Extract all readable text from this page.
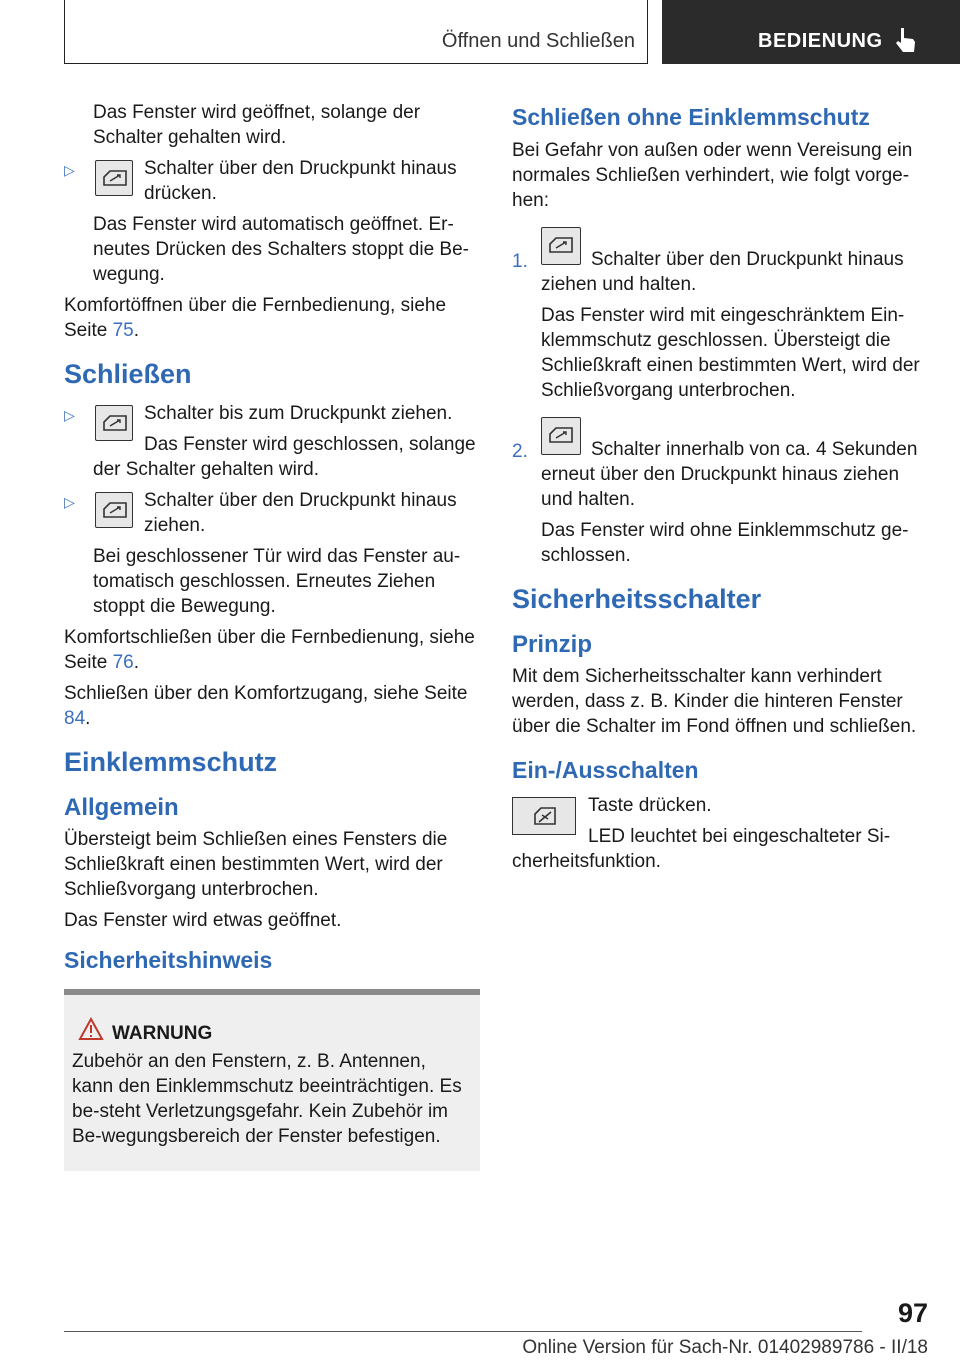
Öffnen und Schließen	BEDIENUNG

Das Fenster wird geöffnet, solange der Schalter gehalten wird.

▷	Schalter über den Druckpunkt hinaus drücken.
Das Fenster wird automatisch geöffnet. Er‐neutes Drücken des Schalters stoppt die Be‐wegung.

Komfortöffnen über die Fernbedienung, siehe Seite 75.

Schließen
▷	Schalter bis zum Druckpunkt ziehen.
Das Fenster wird geschlossen, solange der Schalter gehalten wird.
▷	Schalter über den Druckpunkt hinaus ziehen.
Bei geschlossener Tür wird das Fenster au‐tomatisch geschlossen. Erneutes Ziehen stoppt die Bewegung.

Komfortschließen über die Fernbedienung, siehe Seite 76.

Schließen über den Komfortzugang, siehe Seite 84.

Einklemmschutz
Allgemein

Übersteigt beim Schließen eines Fensters die Schließkraft einen bestimmten Wert, wird der Schließvorgang unterbrochen.

Das Fenster wird etwas geöffnet.

Sicherheitshinweis
WARNUNG

Zubehör an den Fenstern, z. B. Antennen, kann den Einklemmschutz beeinträchtigen. Es be‐steht Verletzungsgefahr. Kein Zubehör im Be‐wegungsbereich der Fenster befestigen.

Schließen ohne Einklemmschutz

Bei Gefahr von außen oder wenn Vereisung ein normales Schließen verhindert, wie folgt vorge‐hen:

1.	Schalter über den Druckpunkt hinaus ziehen und halten.
Das Fenster wird mit eingeschränktem Ein‐klemmschutz geschlossen. Übersteigt die Schließkraft einen bestimmten Wert, wird der Schließvorgang unterbrochen.
2.	Schalter innerhalb von ca. 4 Sekunden erneut über den Druckpunkt hinaus ziehen und halten.
Das Fenster wird ohne Einklemmschutz ge‐schlossen.
Sicherheitsschalter
Prinzip

Mit dem Sicherheitsschalter kann verhindert werden, dass z. B. Kinder die hinteren Fenster über die Schalter im Fond öffnen und schließen.

Ein-/Ausschalten

Taste drücken.

LED leuchtet bei eingeschalteter Si‐cherheitsfunktion.

97
Online Version für Sach-Nr. 01402989786 - II/18
